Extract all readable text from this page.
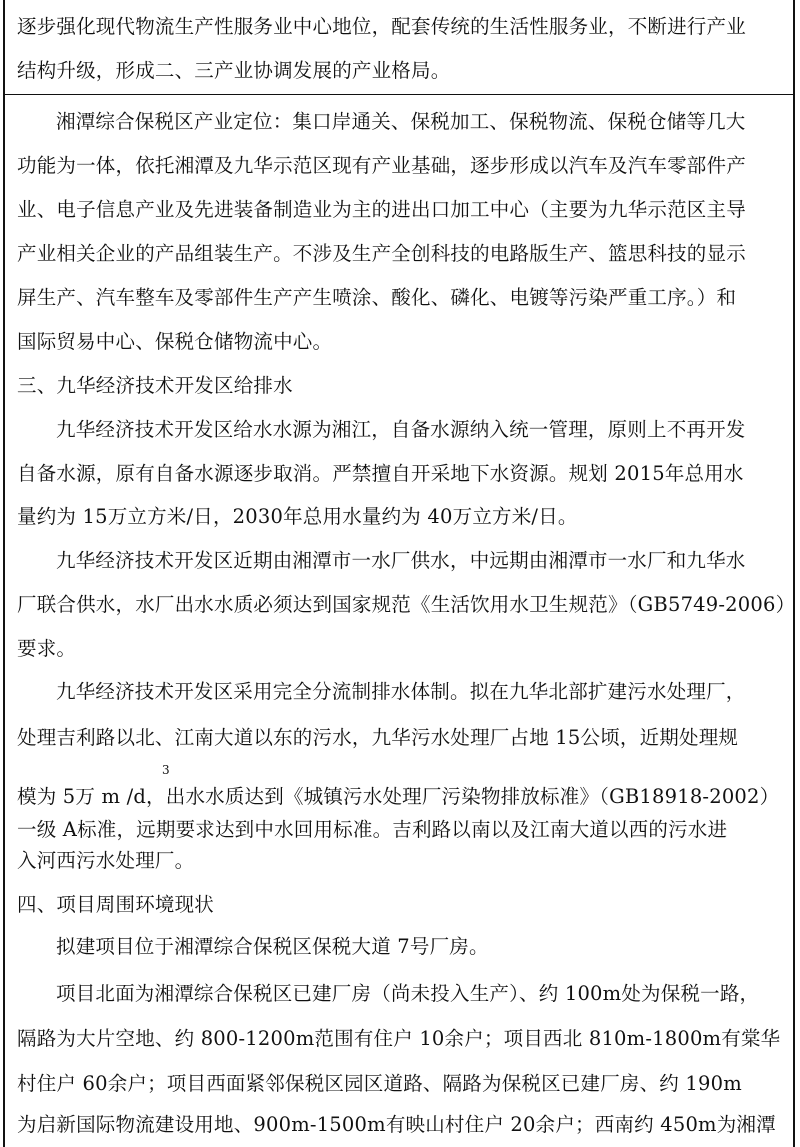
逐步强化现代物流生产性服务业中心地位，配套传统的生活性服务业，不断进行产业

结构升级，形成二、三产业协调发展的产业格局。

湘潭综合保税区产业定位：集口岸通关、保税加工、保税物流、保税仓储等几大

功能为一体，依托湘潭及九华示范区现有产业基础，逐步形成以汽车及汽车零部件产

业、电子信息产业及先进装备制造业为主的进出口加工中心（主要为九华示范区主导

产业相关企业的产品组装生产。不涉及生产全创科技的电路版生产、篮思科技的显示

屏生产、汽车整车及零部件生产产生喷涂、酸化、磷化、电镀等污染严重工序。）和

国际贸易中心、保税仓储物流中心。

三、九华经济技术开发区给排水

九华经济技术开发区给水水源为湘江，自备水源纳入统一管理，原则上不再开发

自备水源，原有自备水源逐步取消。严禁擅自开采地下水资源。规划 2015年总用水

量约为 15万立方米/日，2030年总用水量约为 40万立方米/日。

九华经济技术开发区近期由湘潭市一水厂供水，中远期由湘潭市一水厂和九华水

厂联合供水，水厂出水水质必须达到国家规范《生活饮用水卫生规范》（GB5749-2006）

要求。

九华经济技术开发区采用完全分流制排水体制。拟在九华北部扩建污水处理厂，

处理吉利路以北、江南大道以东的污水，九华污水处理厂占地 15公顷，近期处理规

3

模为 5万 m /d，出水水质达到《城镇污水处理厂污染物排放标准》（GB18918-2002）

一级 A标准，远期要求达到中水回用标准。吉利路以南以及江南大道以西的污水进

入河西污水处理厂。

四、项目周围环境现状

拟建项目位于湘潭综合保税区保税大道 7号厂房。

项目北面为湘潭综合保税区已建厂房（尚未投入生产）、约 100m处为保税一路，

隔路为大片空地、约 800-1200m范围有住户 10余户；项目西北 810m-1800m有棠华

村住户 60余户；项目西面紧邻保税区园区道路、隔路为保税区已建厂房、约 190m

为启新国际物流建设用地、900m-1500m有映山村住户 20余户；西南约 450m为湘潭
